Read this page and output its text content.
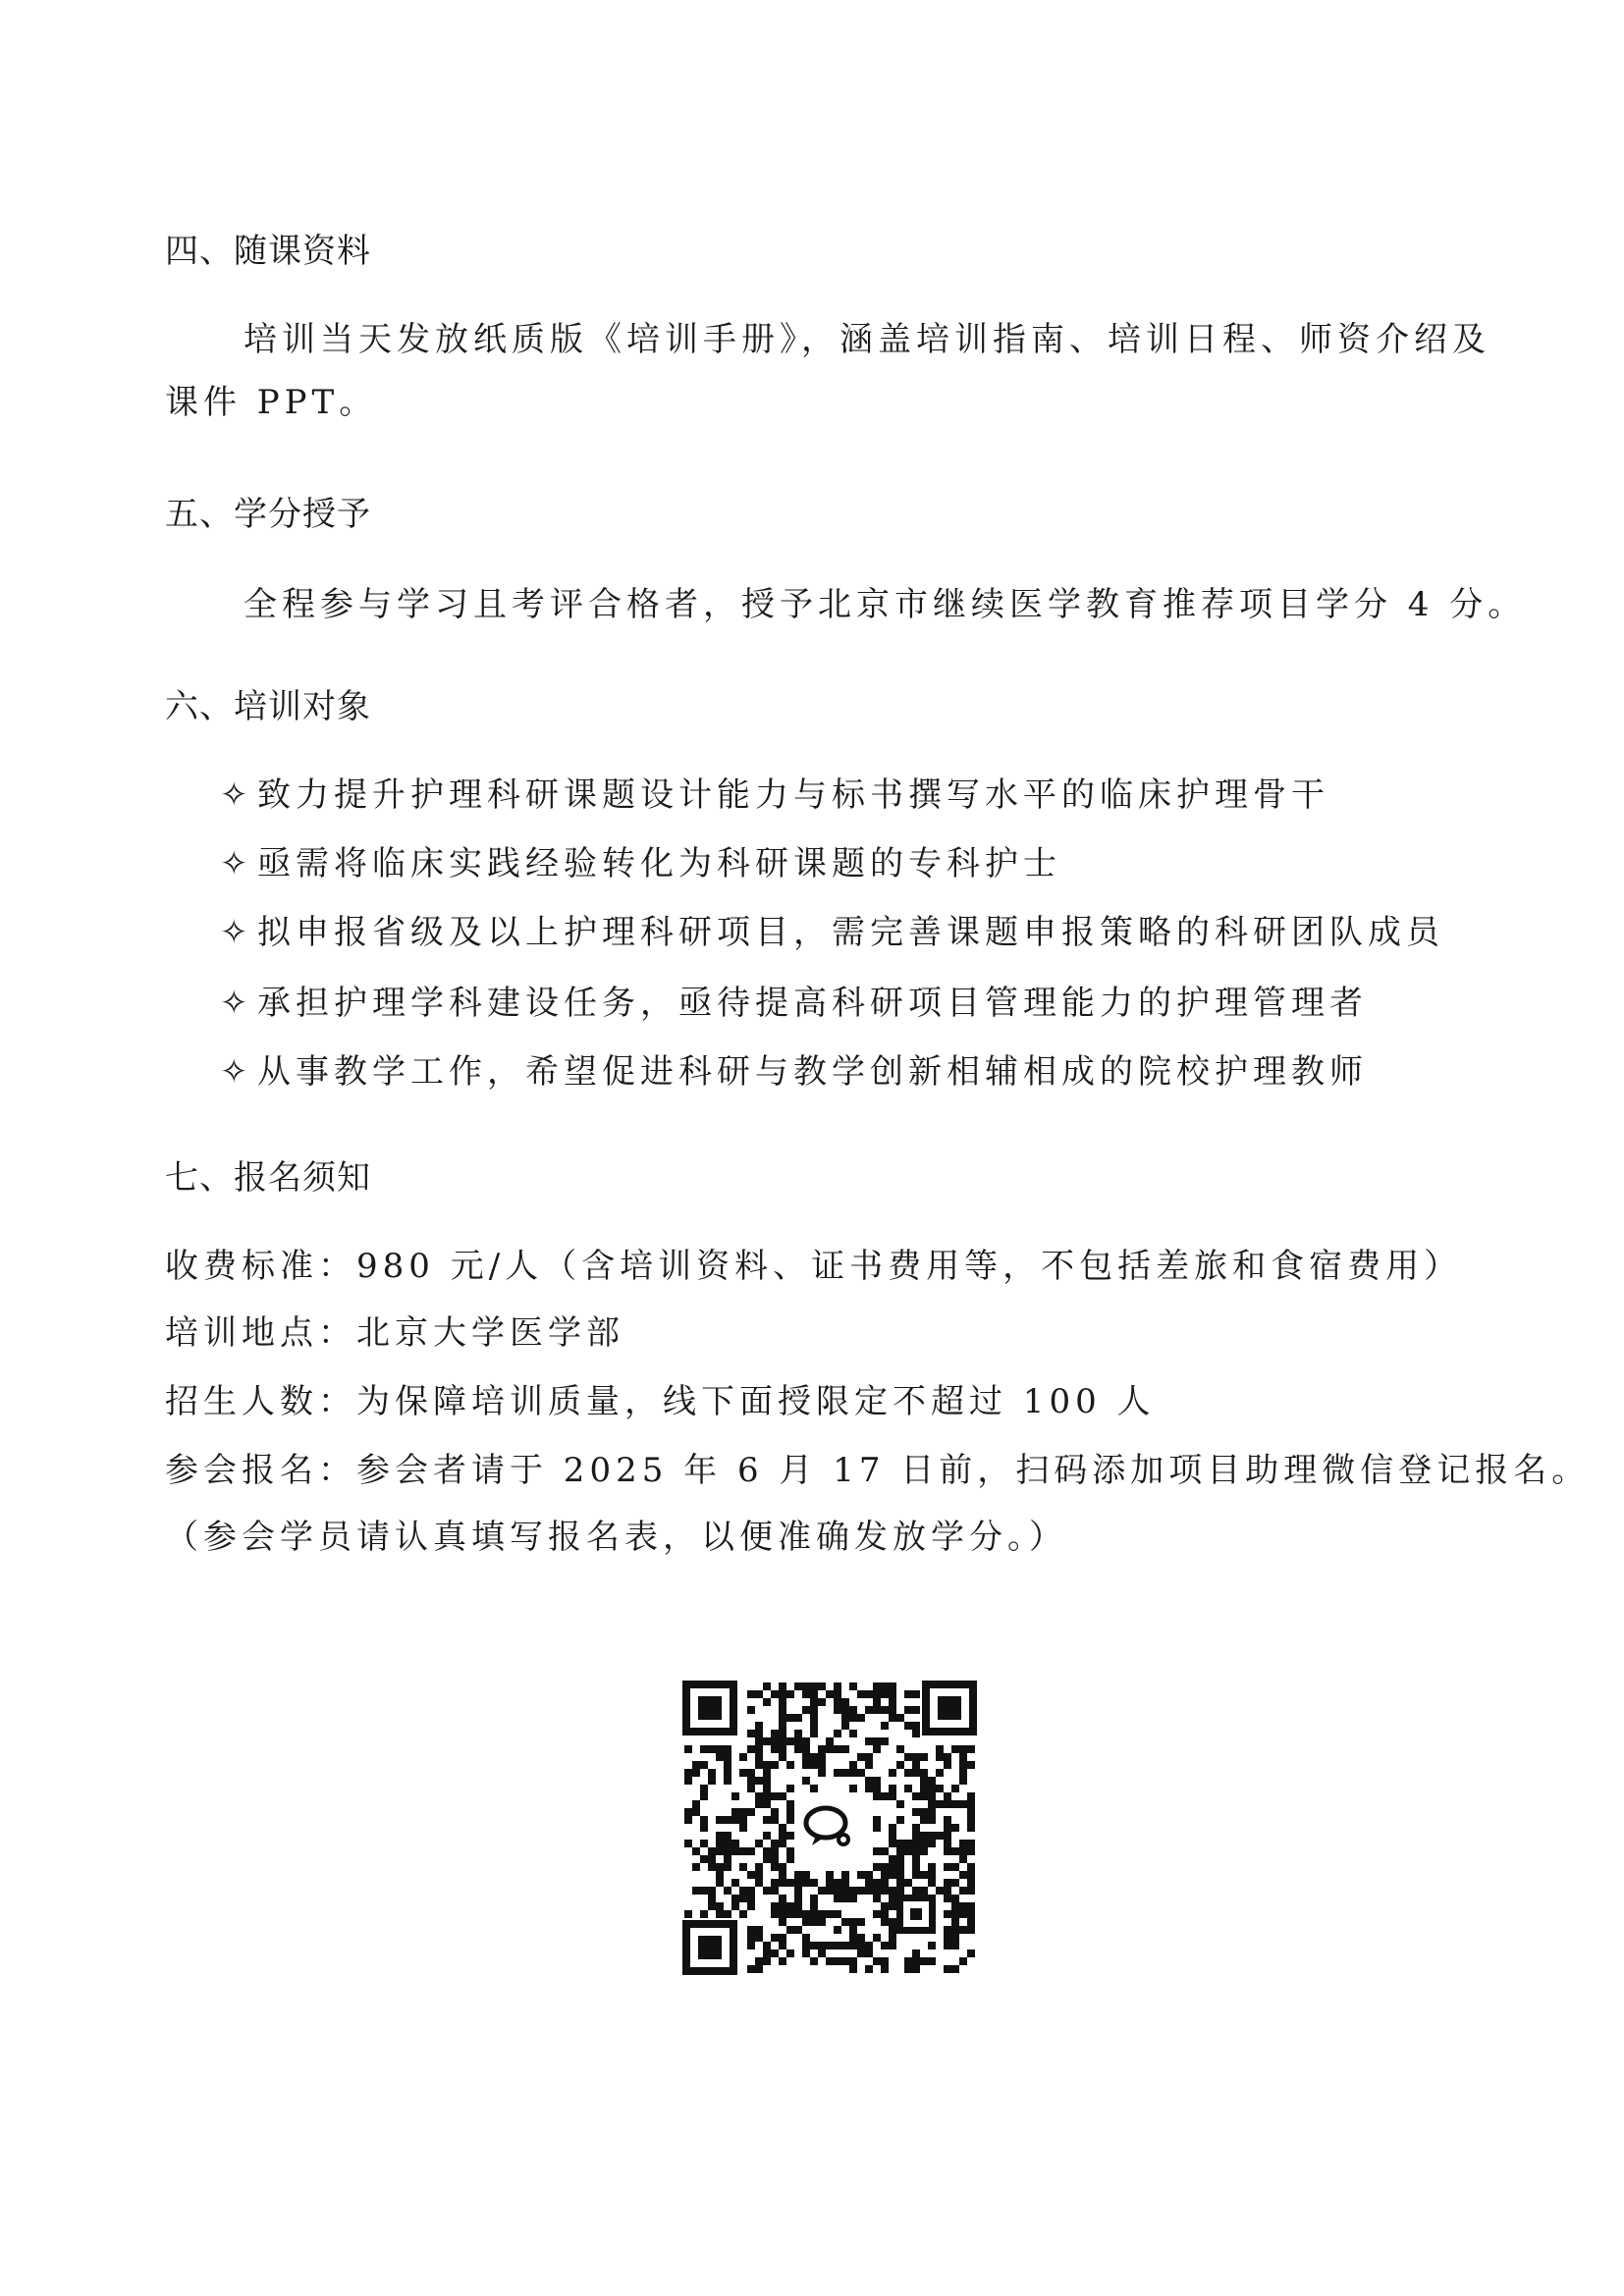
四、随课资料
培训当天发放纸质版《培训手册》，涵盖培训指南、培训日程、师资介绍及
课件 PPT。
五、学分授予
全程参与学习且考评合格者，授予北京市继续医学教育推荐项目学分 4 分。
六、培训对象
✧ 致力提升护理科研课题设计能力与标书撰写水平的临床护理骨干
✧ 亟需将临床实践经验转化为科研课题的专科护士
✧ 拟申报省级及以上护理科研项目，需完善课题申报策略的科研团队成员
✧ 承担护理学科建设任务，亟待提高科研项目管理能力的护理管理者
✧ 从事教学工作，希望促进科研与教学创新相辅相成的院校护理教师
七、报名须知
收费标准：980 元/人（含培训资料、证书费用等，不包括差旅和食宿费用）
培训地点：北京大学医学部
招生人数：为保障培训质量，线下面授限定不超过 100 人
参会报名：参会者请于 2025 年 6 月 17 日前，扫码添加项目助理微信登记报名。
（参会学员请认真填写报名表，以便准确发放学分。）
